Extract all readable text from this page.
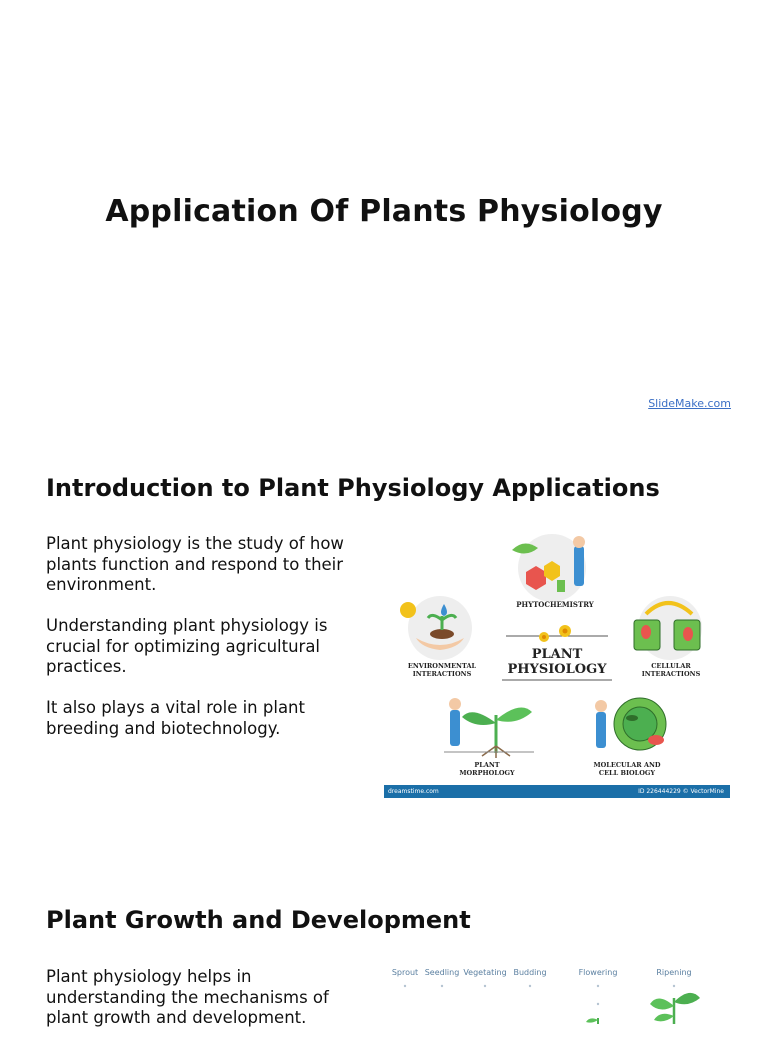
Application Of Plants Physiology
SlideMake.com
Introduction to Plant Physiology Applications

Plant physiology is the study of how plants function and respond to their environment.

Understanding plant physiology is crucial for optimizing agricultural practices.

It also plays a vital role in plant breeding and biotechnology.

PLANT
PHYSIOLOGY
PHYTOCHEMISTRY
ENVIRONMENTAL
INTERACTIONS
CELLULAR
INTERACTIONS
PLANT
MORPHOLOGY
MOLECULAR AND
CELL BIOLOGY
dreamstime.com	ID 226444229 © VectorMine
Plant Growth and Development

Plant physiology helps in understanding the mechanisms of plant growth and development.

Sprout Seedling Vegetating Budding	Flowering	Ripening
